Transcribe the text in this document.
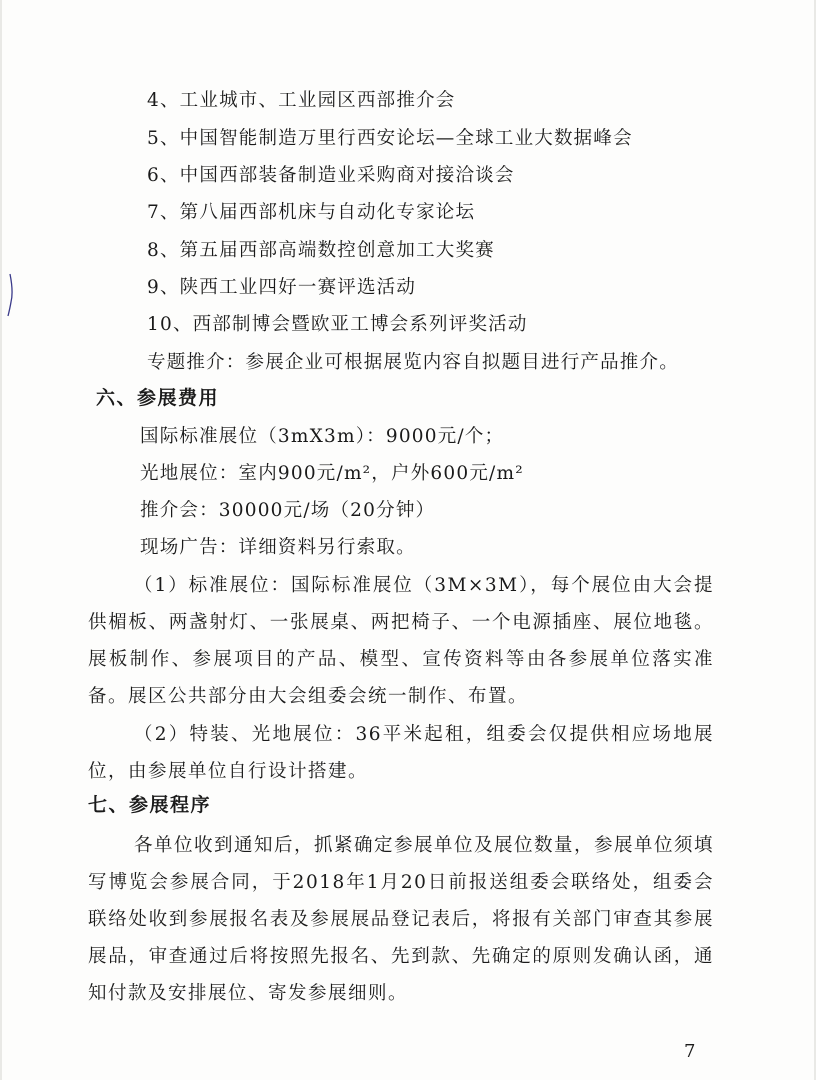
4、工业城市、工业园区西部推介会
5、中国智能制造万里行西安论坛—全球工业大数据峰会
6、中国西部装备制造业采购商对接洽谈会
7、第八届西部机床与自动化专家论坛
8、第五届西部高端数控创意加工大奖赛
9、陕西工业四好一赛评选活动
10、西部制博会暨欧亚工博会系列评奖活动
专题推介：参展企业可根据展览内容自拟题目进行产品推介。
六、参展费用
国际标准展位（3mX3m）：9000元/个；
光地展位：室内900元/m²，户外600元/m²
推介会：30000元/场（20分钟）
现场广告：详细资料另行索取。
（1）标准展位：国际标准展位（3M×3M），每个展位由大会提供楣板、两盏射灯、一张展桌、两把椅子、一个电源插座、展位地毯。展板制作、参展项目的产品、模型、宣传资料等由各参展单位落实准备。展区公共部分由大会组委会统一制作、布置。
（2）特装、光地展位：36平米起租，组委会仅提供相应场地展位，由参展单位自行设计搭建。
七、参展程序
各单位收到通知后，抓紧确定参展单位及展位数量，参展单位须填写博览会参展合同，于2018年1月20日前报送组委会联络处，组委会联络处收到参展报名表及参展展品登记表后，将报有关部门审查其参展展品，审查通过后将按照先报名、先到款、先确定的原则发确认函，通知付款及安排展位、寄发参展细则。
7
